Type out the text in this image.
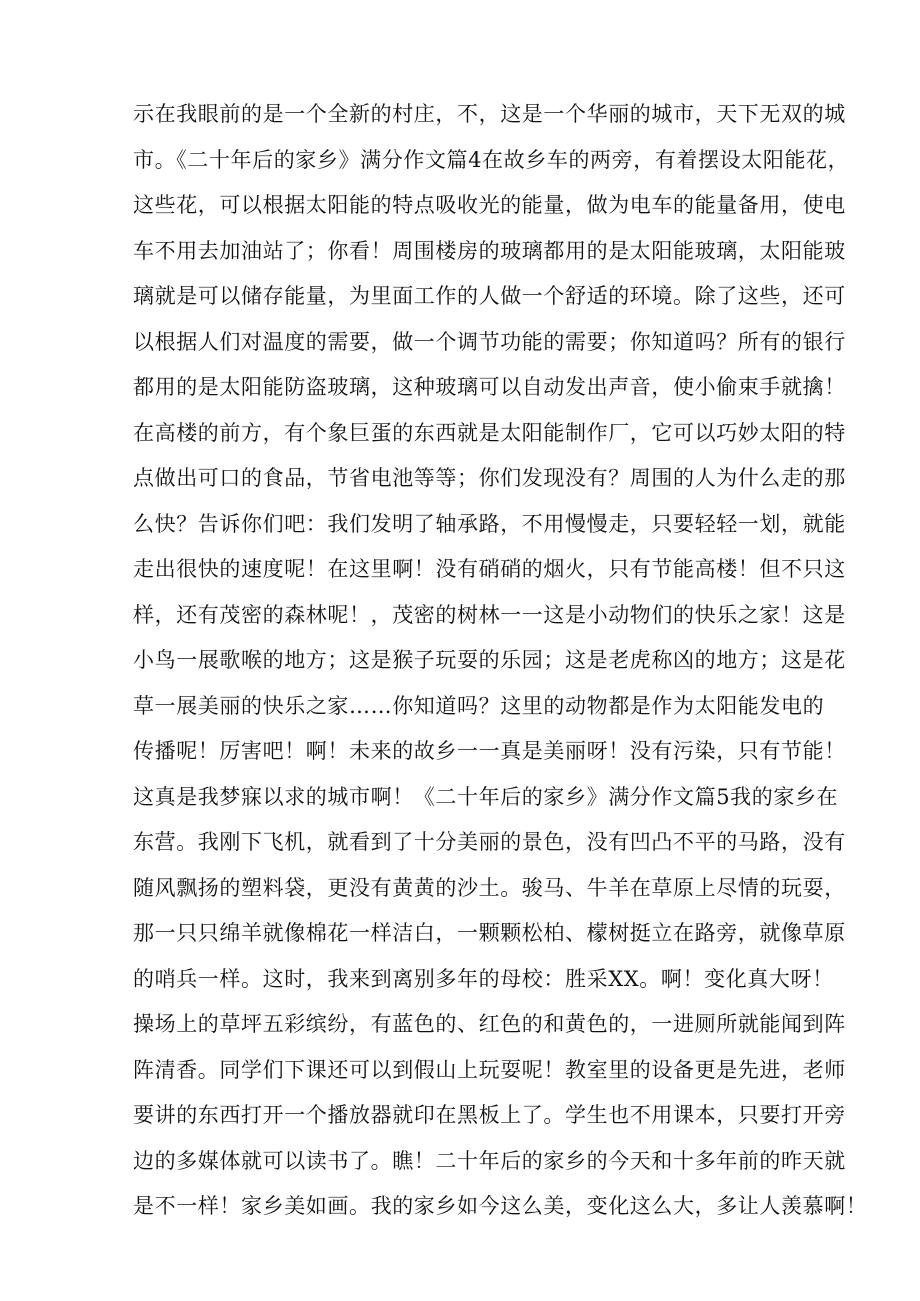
示在我眼前的是一个全新的村庄，不，这是一个华丽的城市，天下无双的城
市。《二十年后的家乡》满分作文篇4在故乡车的两旁，有着摆设太阳能花，
这些花，可以根据太阳能的特点吸收光的能量，做为电车的能量备用，使电
车不用去加油站了；你看！周围楼房的玻璃都用的是太阳能玻璃，太阳能玻
璃就是可以储存能量，为里面工作的人做一个舒适的环境。除了这些，还可
以根据人们对温度的需要，做一个调节功能的需要；你知道吗？所有的银行
都用的是太阳能防盗玻璃，这种玻璃可以自动发出声音，使小偷束手就擒！
在高楼的前方，有个象巨蛋的东西就是太阳能制作厂，它可以巧妙太阳的特
点做出可口的食品，节省电池等等；你们发现没有？周围的人为什么走的那
么快？告诉你们吧：我们发明了轴承路，不用慢慢走，只要轻轻一划，就能
走出很快的速度呢！在这里啊！没有硝硝的烟火，只有节能高楼！但不只这
样，还有茂密的森林呢！，茂密的树林一一这是小动物们的快乐之家！这是
小鸟一展歌喉的地方；这是猴子玩耍的乐园；这是老虎称凶的地方；这是花
草一展美丽的快乐之家……你知道吗？这里的动物都是作为太阳能发电的
传播呢！厉害吧！啊！未来的故乡一一真是美丽呀！没有污染，只有节能！
这真是我梦寐以求的城市啊！《二十年后的家乡》满分作文篇5我的家乡在
东营。我刚下飞机，就看到了十分美丽的景色，没有凹凸不平的马路，没有
随风飘扬的塑料袋，更没有黄黄的沙土。骏马、牛羊在草原上尽情的玩耍，
那一只只绵羊就像棉花一样洁白，一颗颗松柏、檬树挺立在路旁，就像草原
的哨兵一样。这时，我来到离别多年的母校：胜采XX。啊！变化真大呀！
操场上的草坪五彩缤纷，有蓝色的、红色的和黄色的，一进厕所就能闻到阵
阵清香。同学们下课还可以到假山上玩耍呢！教室里的设备更是先进，老师
要讲的东西打开一个播放器就印在黑板上了。学生也不用课本，只要打开旁
边的多媒体就可以读书了。瞧！二十年后的家乡的今天和十多年前的昨天就
是不一样！家乡美如画。我的家乡如今这么美，变化这么大，多让人羡慕啊！
